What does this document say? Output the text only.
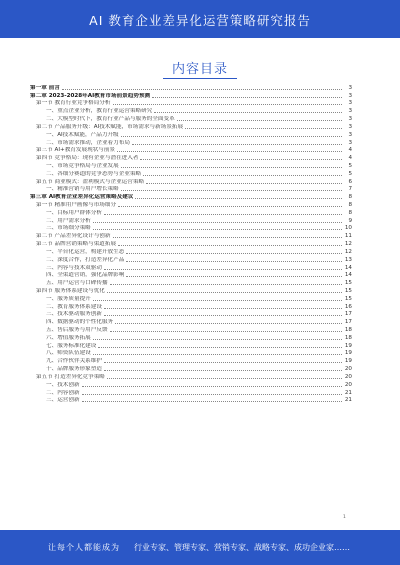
AI 教育企业差异化运营策略研究报告
内容目录
第一章 前言	3
第二章 2023-2028年AI教育市场前景趋势预测	3
第一节 教育行业竞争格局分析	3
一、重点企业分析，教育行业运营策略研究	3
二、大模型时代下，教育行业产品与服务的全面变革	3
第二节 产品服务升级：AI技术赋能，市场需求与新场景拓展	3
一、AI技术赋能，产品力升级	3
二、市场需求推动，企业着力布局	3
第三节 AI+教育发展现状与前景	4
第四节 竞争格局：现有企业与潜在进入者	4
一、市场竞争格局与企业发展	5
二、各细分赛道的竞争态势与企业策略	5
第五节 商业模式：盈利模式与企业运营策略	6
一、精准营销与用户增长策略	7
第三章 AI教育企业差异化运营策略及建议	8
第一节 精准用户画像与市场细分	8
一、目标用户群体分析	8
二、用户需求分析	9
三、市场细分策略	10
第二节 产品差异化设计与创新	11
第三节 品牌营销策略与渠道拓展	12
一、平台化运营，构建开放生态	12
二、深度合作，打造差异化产品	13
三、内容与技术双驱动	14
四、全渠道营销，强化品牌影响	14
五、用户运营与口碑传播	15
第四节 服务体系建设与优化	15
一、服务质量提升	15
二、教育服务体系建设	16
三、技术驱动服务创新	17
四、数据驱动的个性化服务	17
五、售后服务与用户反馈	18
六、增值服务拓展	18
七、服务标准化建设	19
八、师资队伍建设	19
九、合作伙伴关系维护	19
十、品牌服务形象塑造	20
第五节 打造差异化竞争策略	20
一、技术创新	20
二、内容创新	21
三、运营创新	21
1
让每个人都能成为 行业专家、管理专家、营销专家、战略专家、成功企业家……
